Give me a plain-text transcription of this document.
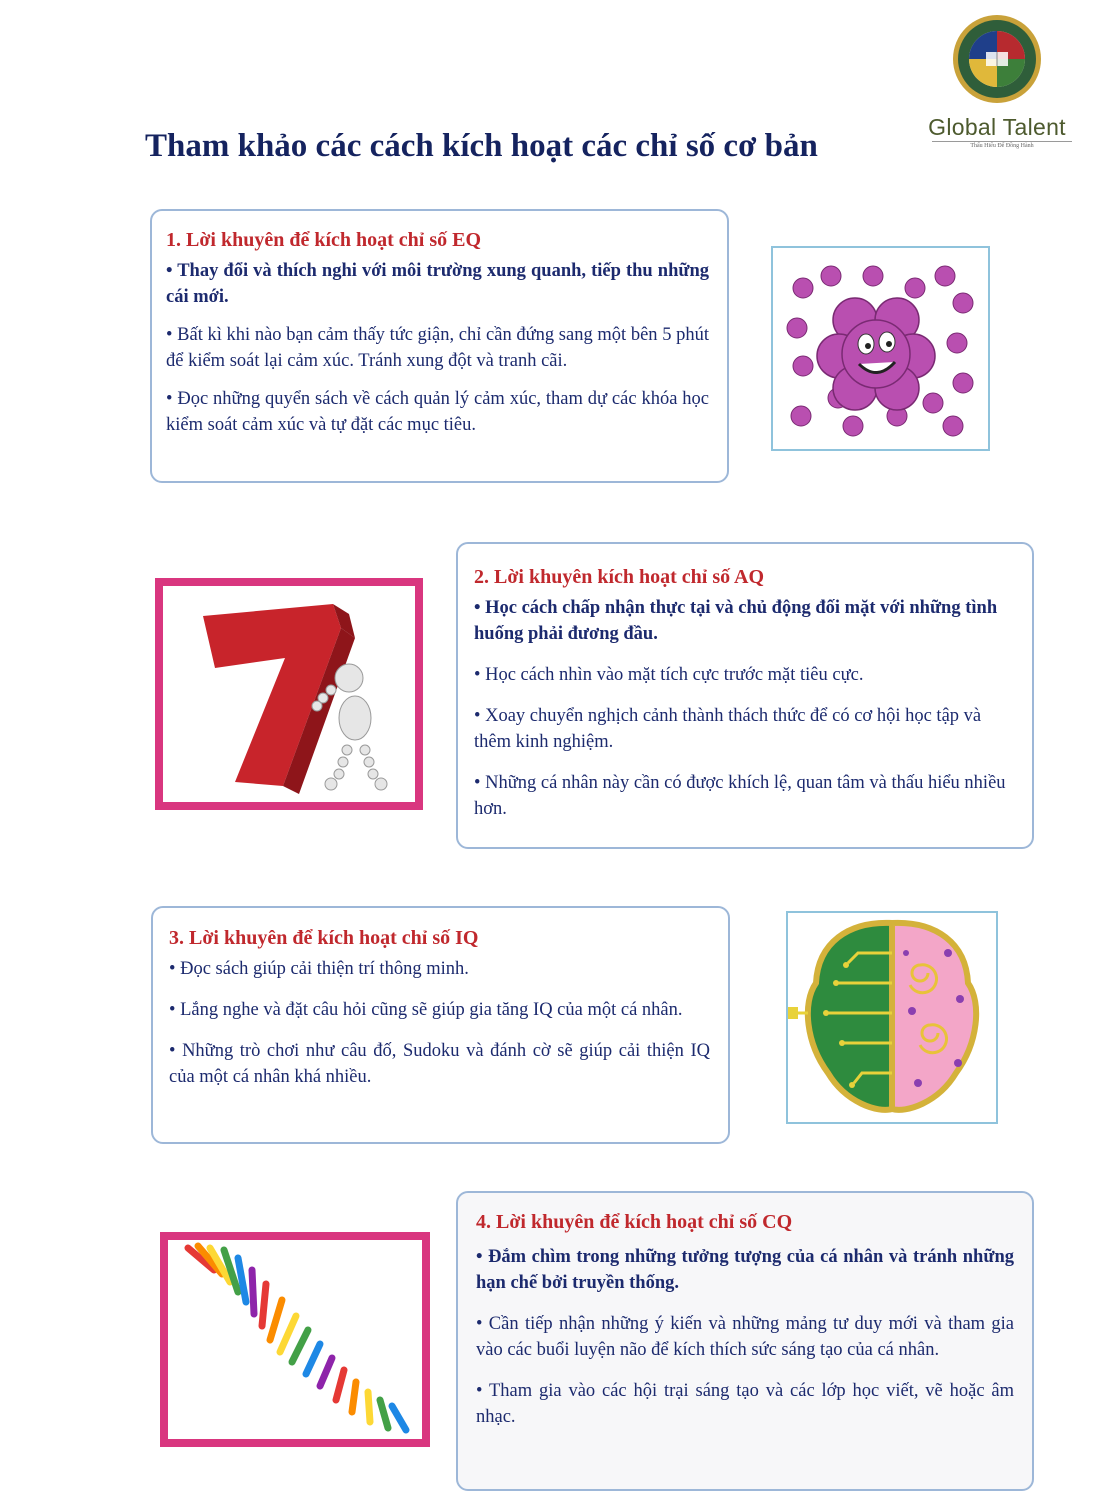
Global Talent
Thấu Hiểu Để Đồng Hành
Tham khảo các cách kích hoạt các chỉ số cơ bản
1. Lời khuyên để kích hoạt chỉ số EQ

• Thay đổi và thích nghi với môi trường xung quanh, tiếp thu những cái mới.

• Bất kì khi nào bạn cảm thấy tức giận, chỉ cần đứng sang một bên 5 phút để kiểm soát lại cảm xúc. Tránh xung đột và tranh cãi.

• Đọc những quyển sách về cách quản lý cảm xúc, tham dự các khóa học kiểm soát cảm xúc và tự đặt các mục tiêu.

2. Lời khuyên kích hoạt chỉ số AQ

• Học cách chấp nhận thực tại và chủ động đối mặt với những tình huống phải đương đầu.

• Học cách nhìn vào mặt tích cực trước mặt tiêu cực.

• Xoay chuyển nghịch cảnh thành thách thức để có cơ hội học tập và thêm kinh nghiệm.

• Những cá nhân này cần có được khích lệ, quan tâm và thấu hiểu nhiều hơn.

3. Lời khuyên để kích hoạt chỉ số IQ

• Đọc sách giúp cải thiện trí thông minh.

• Lắng nghe và đặt câu hỏi cũng sẽ giúp gia tăng IQ của một cá nhân.

• Những trò chơi như câu đố, Sudoku và đánh cờ sẽ giúp cải thiện IQ của một cá nhân khá nhiều.

4. Lời khuyên để kích hoạt chỉ số CQ

• Đắm chìm trong những tưởng tượng của cá nhân và tránh những hạn chế bởi truyền thống.

• Cần tiếp nhận những ý kiến và những mảng tư duy mới và tham gia vào các buổi luyện não để kích thích sức sáng tạo của cá nhân.

• Tham gia vào các hội trại sáng tạo và các lớp học viết, vẽ hoặc âm nhạc.
